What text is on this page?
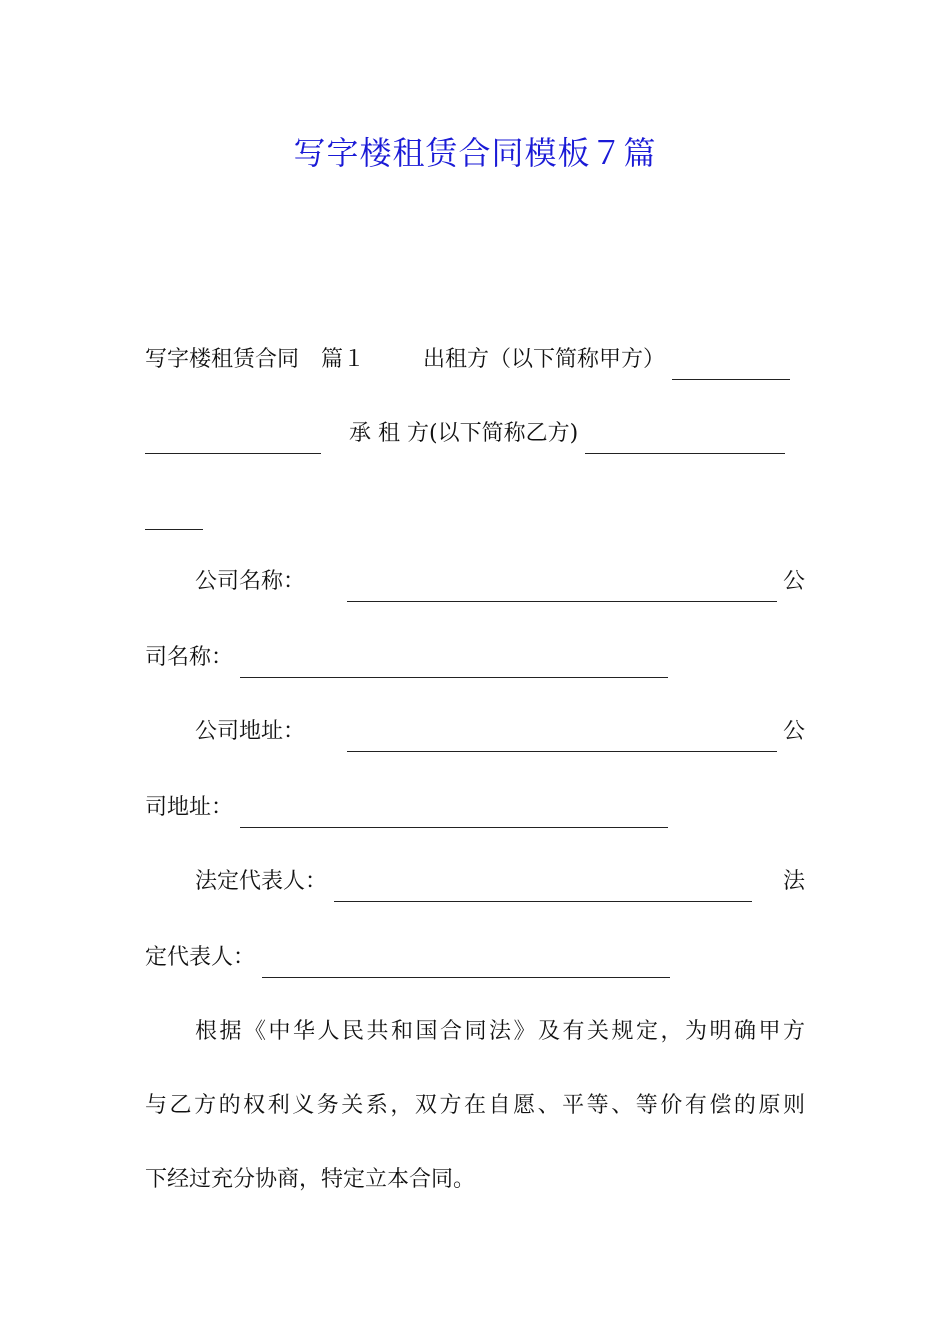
写字楼租赁合同模板７篇
写字楼租赁合同 篇１	出租方（以下简称甲方）
承 租 方(以下简称乙方)
公司名称：	公
司名称：
公司地址：	公
司地址：
法定代表人：	法
定代表人：
根据《中华人民共和国合同法》及有关规定，为明确甲方
与乙方的权利义务关系，双方在自愿、平等、等价有偿的原则
下经过充分协商，特定立本合同。
